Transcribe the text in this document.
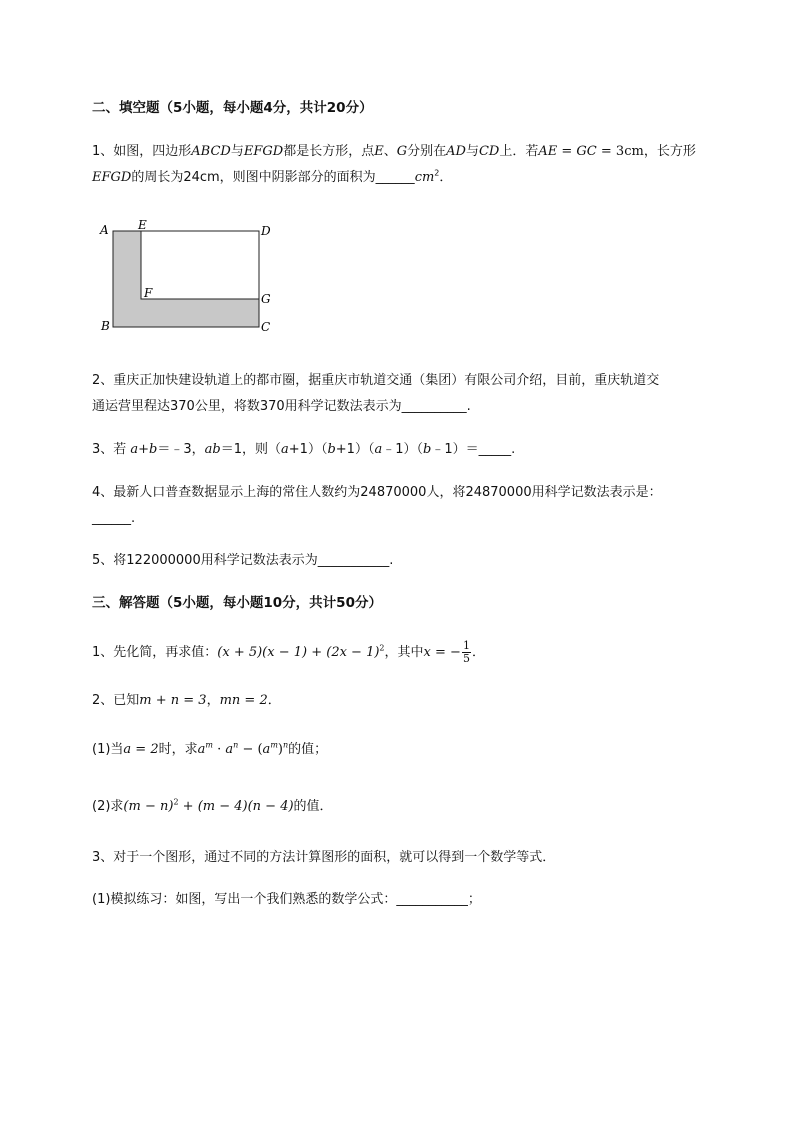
二、填空题（5小题，每小题4分，共计20分）
1、如图，四边形ABCD与EFGD都是长方形，点E、G分别在AD与CD上．若AE = GC = 3cm，长方形
EFGD的周长为24cm，则图中阴影部分的面积为$\_\_\_\_\_\_cm^2$．
A E	D
F	G
B	C
2、重庆正加快建设轨道上的都市圈，据重庆市轨道交通（集团）有限公司介绍，目前，重庆轨道交
通运营里程达370公里，将数370用科学记数法表示为__________.
3、若 a+b＝﹣3，ab＝1，则（a+1）（b+1）（a﹣1）（b﹣1）＝_____.
4、最新人口普查数据显示上海的常住人数约为24870000人，将24870000用科学记数法表示是：
______.
5、将122000000用科学记数法表示为___________.
三、解答题（5小题，每小题10分，共计50分）
1、先化简，再求值：$(x + 5)(x - 1) + (2x - 1)^2$，其中x = − $\frac{1}{5}$ ．
2、已知m + n = 3，mn = 2．
(1)当a = 2时，求$a^m \cdot a^n - (a^m)^n$的值；
(2)求$(m - n)^2 + (m - 4)(n - 4)$的值．
3、对于一个图形，通过不同的方法计算图形的面积，就可以得到一个数学等式．
(1)模拟练习：如图，写出一个我们熟悉的数学公式：___________；
